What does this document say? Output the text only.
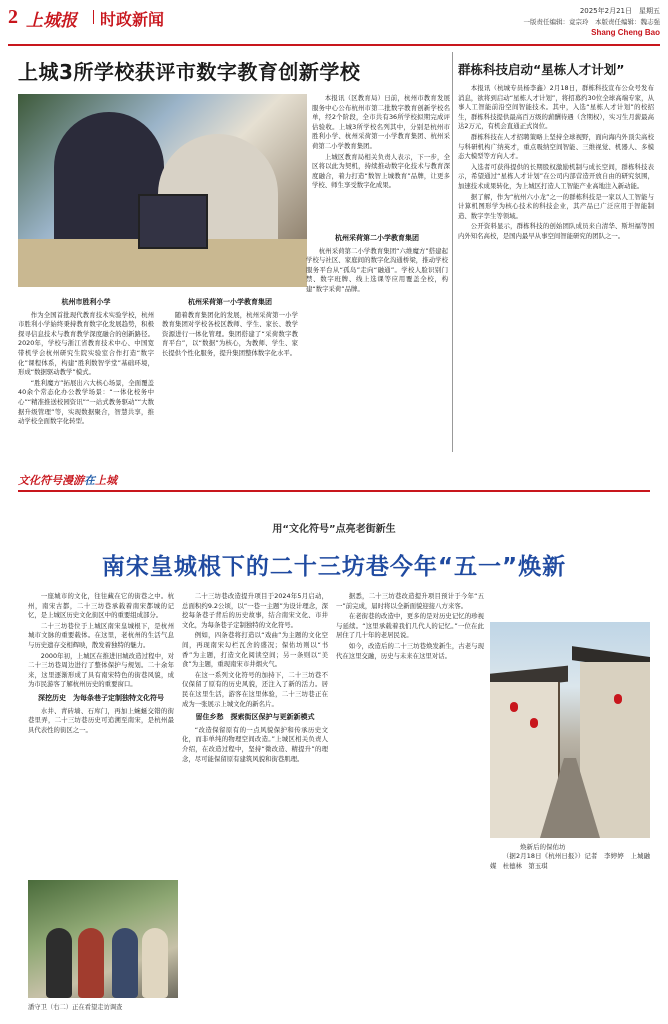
2 上城报 时政新闻	2025年2月21日　星期五
一版责任编辑：竟宗玲　本版责任编辑：魏志强
Shang Cheng Bao
上城3所学校获评市数字教育创新学校

本报讯（区教育局）日前，杭州市教育发展服务中心公布杭州市第二批数字教育创新学校名单，经2个阶段，全市共有36所学校拟期完成评估验收。上城3所学校名列其中，分别是杭州市胜利小学、杭州采荷第一小学教育集团、杭州采荷第二小学教育集团。

上城区教育局相关负责人表示，下一步，全区将以此为契机，持续推动数字化技术与教育深度融合，着力打造“数智上城教育”品牌，让更多学校、师生享受数字化成果。

杭州市胜利小学

作为全国首批现代教育技术实验学校，杭州市胜利小学始终秉持教育数字化发展趋势，积极探寻信息技术与教育教学深度融合的创新路径。2020年，学校与浙江省教育技术中心、中国宽带机学会杭州研究生院实验室合作打造“数字化”课程体系，构建“胜利数智学堂”基础环境，形成“数据驱动教学”模式。

“胜利魔方”拓展出六大核心场景，全面覆盖40余个常态化办公教学场景：“一体化校务中心”“精准推送校园资讯”“一站式教务驱动”“大数据升级管理”等，实现数据聚合，智慧共享，推动学校全面数字化转型。

杭州采荷第一小学教育集团

随着教育集团化的发展，杭州采荷第一小学教育集团对学校各校区教师、学生、家长、教学资源进行一体化管理。集团搭建了“采荷数字教育平台”，以“数据”为核心，为教师、学生、家长提供个性化服务，提升集团整体数字化水平。

杭州采荷第二小学教育集团

杭州采荷第二小学教育集团“六维魔方”搭建起学校与社区、家庭间的数字化沟通桥梁，推动学校服务平台从“孤岛”走向“融通”。学校人脸识别门禁、数字班牌、线上选课等应用覆盖全校，构建“数字采荷”品牌。

群栋科技启动“星栋人才计划”

本报讯（杭城专员杨李鑫）2月18日，群栋科技宣布公众号发布消息，欲将到启动“星栋人才计划”，将招募约30位全球高端专家，从事人工智能前沿空间智能技术。其中，入选“星栋人才计划”的校招生，群栋科技提供最高百万级的薪酬待遇（含期权），实习生月薪最高达2万元，有机会直通正式岗位。

群栋科技在人才招聘策略上坚持全球视野，面向海内外顶尖高校与科研机构广纳英才，重点吸纳空间智能、三维视觉、机器人、多模态大模型等方向人才。

入选者可获得提供的长期股权激励机制与成长空间，群栋科技表示，希望通过“星栋人才计划”在公司内部营造开放自由的研究氛围，加速技术成果转化，为上城区打造人工智能产业高地注入新动能。

据了解，作为“杭州六小龙”之一的群栋科技是一家以人工智能与计算机图形学为核心技术的科技企业，其产品已广泛应用于智能制造、数字孪生等领域。

公开资料显示，群栋科技的创始团队成员来自清华、斯坦福等国内外知名高校，是国内最早从事空间智能研究的团队之一。

文化符号漫游在上城
用“文化符号”点亮老街新生
南宋皇城根下的二十三坊巷今年“五一”焕新

一座城市的文化，往往藏在它的街巷之中。杭州，南宋古都，二十三坊巷承载着南宋都城的记忆，是上城区历史文化街区中的重要组成部分。

二十三坊巷位于上城区南宋皇城根下，是杭州城市文脉的重要载体。在这里，老杭州的生活气息与历史遗存交相辉映，散发着独特的魅力。

2000年初，上城区在推进旧城改造过程中，对二十三坊巷周边进行了整体保护与规划。二十余年来，这里逐渐形成了具有南宋特色的街巷风貌，成为市民游客了解杭州历史的重要窗口。

深挖历史　为每条巷子定制独特文化符号

水井、青砖墙、石库门，再加上蜿蜒交错的街巷里弄，二十三坊巷历史可追溯至南宋，是杭州最具代表性的街区之一。

二十三坊巷改造提升项目于2024年5月启动，总面积约9.2公顷，以“一巷一主题”为设计理念，深挖每条巷子背后的历史故事，结合南宋文化、市井文化，为每条巷子定制独特的文化符号。

例如，四条巷将打造以“戏曲”为主题的文化空间，再现南宋勾栏瓦舍的盛况；保佑坊则以“书香”为主题，打造文化阅读空间；另一条则以“美食”为主题，重现南宋市井烟火气。

在这一系列文化符号的加持下，二十三坊巷不仅保留了原有的历史风貌，还注入了新的活力。居民在这里生活，游客在这里体验，二十三坊巷正在成为一张展示上城文化的新名片。

留住乡愁　探索街区保护与更新新模式

“改造保留原有的一点风貌保护和传承历史文化，而非单纯的物理空间改造。”上城区相关负责人介绍，在改造过程中，坚持“微改造、精提升”的理念，尽可能保留原有建筑风貌和街巷肌理。

据悉，二十三坊巷改造提升项目预计于今年“五一”前完成，届时将以全新面貌迎接八方来客。

在老街巷的改造中，更多的是对历史记忆的珍视与延续。“这里承载着我们几代人的记忆。”一位在此居住了几十年的老居民说。

如今，改造后的二十三坊巷焕发新生，古老与现代在这里交融，历史与未来在这里对话。

（据2月18日《杭州日报》）记者　李婷婷　上城融媒　杜德林　第玉琪

焕新后的保佑坊
潘守卫（右二）正在看望走访调查
